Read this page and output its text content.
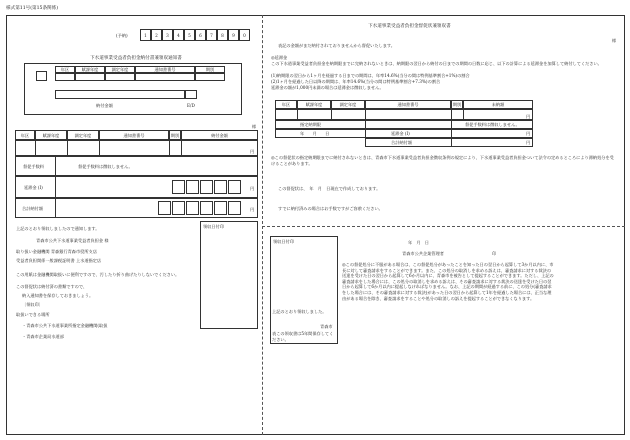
様式第11号(第15条関係)
(予納)	1	2	3	4	5	6	7	8	9	0
下水道事業受益者負担金納付書兼領収通知書
年区	賦課年度	調定年度	通知書番号	期別
納付金額	E/D
様
年区	賦課年度	調定年度	通知書番号	期別	納付金額
円
督促手数料	督促手数料は徴収しません。
延滞金 (I)	円
合計納付額	円
上記のとおり領収しましたので通知します。
青森市公共下水道事業受益者負担金 様
取り扱い金融機関 青森銀行青森市役所支店
受益者負担関係一般課税証明書 上水道指定店
この用紙は金融機関取扱いに便利ですので、汚したり折り曲げたりしないでください。
この督促状は納付済の書類ですので、
納入通知書を保存しておきましょう。
〔領収印〕
取扱いできる場所
・青森市公共下水道事業所指定金融機関(取扱
・青森市企業局水道部
領収日付印
下水道事業受益者負担金督促状兼領収書
様
表記の金額がまだ納付されておりませんから督促いたします。
◎延滞金
この下水道事業受益者負担金を納期限までに完納されないときは、納期限の翌日から納付の日までの期間の日数に応じ、以下の計算による延滞金を加算して納付してください。
(1)納期限の翌日から1ヶ月を経過する日までの期間は、年率14.6%(当分の間は特例基準割合+1%)の割合
(2)1ヶ月を経過した日以降の期間は、年率14.6%(当分の間は特例基準割合+7.3%)の割合
延滞金の額が1,000円未満の場合は延滞金は徴収しません。
年区	賦課年度	調定年度	通知書番号	期別	未納額
円
指定納期限	督促手数料は徴収しません。
年　　月　　日	延滞金 (I)	円
合計納付額	円
◎この督促状の指定納期限までに納付されないときは、青森市下水道事業受益者負担金徴収条例の規定により、下水道事業受益者負担金ついて法令の定めるところにより滞納処分を受けることがあります。
この督促状は、　年　月　日現在で作成しております。
すでに納付済みの場合はお手数ですがご容赦ください。
領収日付印
上記のとおり領収しました。
青森市
表この領収書は5年間保存してください。
年　月　日
青森市公共企業管理者	印
◎この督促処分に不服がある場合は、この督促処分があったことを知った日の翌日から起算して3か月以内に、市長に対して審査請求をすることができます。また、この処分の取消しを求める訴えは、審査請求に対する裁決の送達を受けた日の翌日から起算して6か月以内に、青森市を被告として提起することができます。ただし、上記の審査請求をした場合には、この処分の取消しを求める訴えは、その審査請求に対する裁決の送達を受けた日の翌日から起算して6か月以内に提起しなければなりません。なお、上記の期間が経過する前に、この処分(審査請求をした場合には、その審査請求に対する裁決)があった日の翌日から起算して1年を経過した場合には、正当な理由がある場合を除き、審査請求をすることや処分の取消しの訴えを提起することができなくなります。
